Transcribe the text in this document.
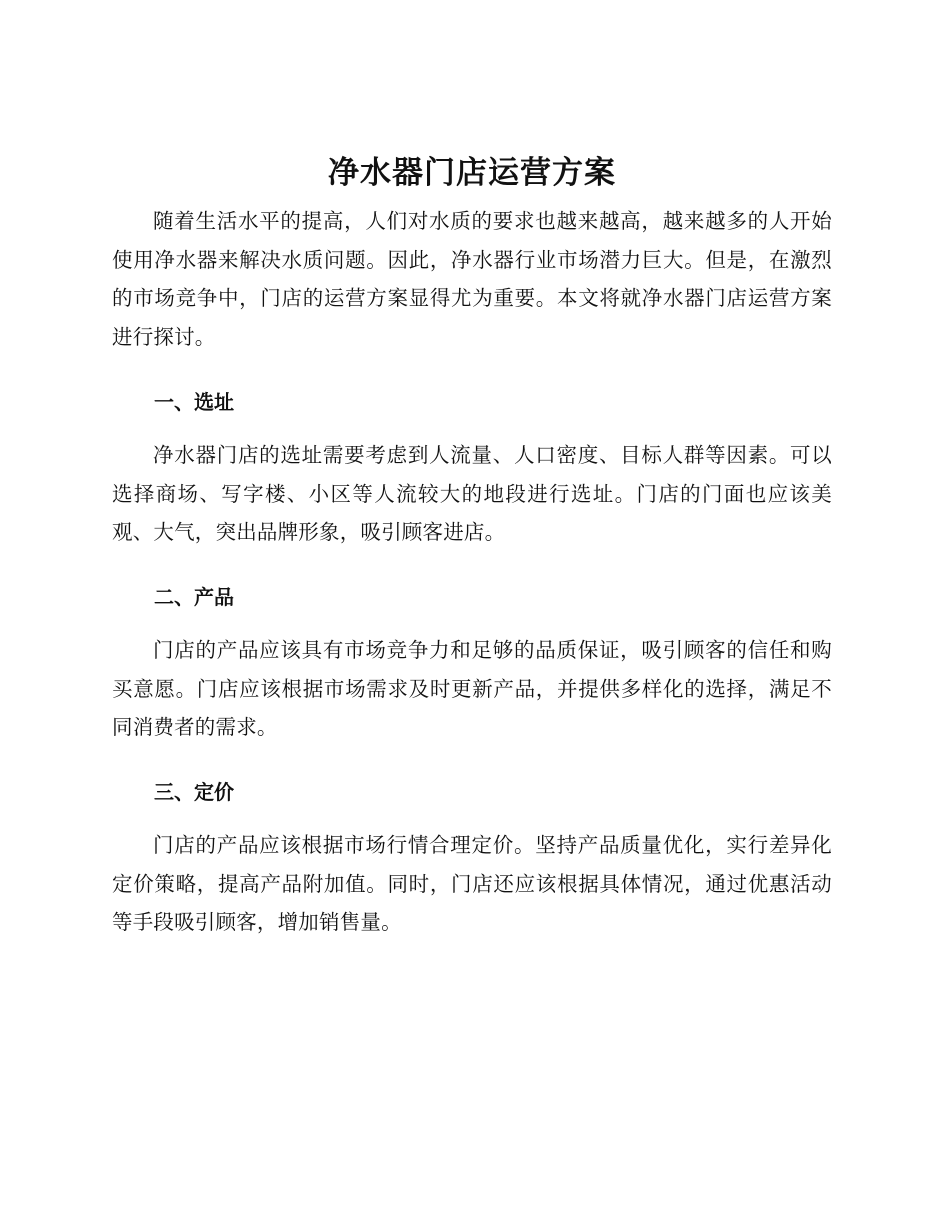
净水器门店运营方案

随着生活水平的提高，人们对水质的要求也越来越高，越来越多的人开始使用净水器来解决水质问题。因此，净水器行业市场潜力巨大。但是，在激烈的市场竞争中，门店的运营方案显得尤为重要。本文将就净水器门店运营方案进行探讨。

一、选址

净水器门店的选址需要考虑到人流量、人口密度、目标人群等因素。可以选择商场、写字楼、小区等人流较大的地段进行选址。门店的门面也应该美观、大气，突出品牌形象，吸引顾客进店。

二、产品

门店的产品应该具有市场竞争力和足够的品质保证，吸引顾客的信任和购买意愿。门店应该根据市场需求及时更新产品，并提供多样化的选择，满足不同消费者的需求。

三、定价

门店的产品应该根据市场行情合理定价。坚持产品质量优化，实行差异化定价策略，提高产品附加值。同时，门店还应该根据具体情况，通过优惠活动等手段吸引顾客，增加销售量。
